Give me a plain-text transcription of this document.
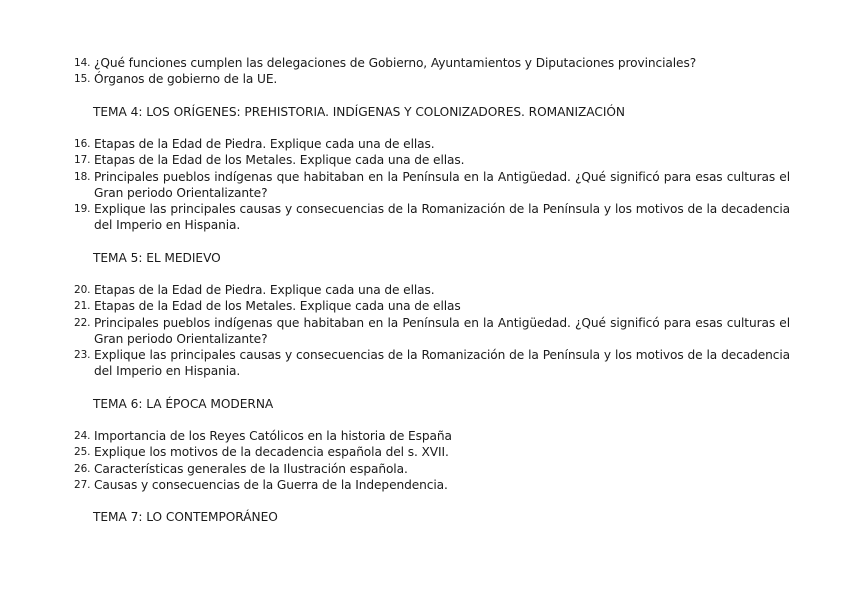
14. ¿Qué funciones cumplen las delegaciones de Gobierno, Ayuntamientos y Diputaciones provinciales?
15. Órganos de gobierno de la UE.
TEMA 4: LOS ORÍGENES: PREHISTORIA. INDÍGENAS Y COLONIZADORES. ROMANIZACIÓN
16. Etapas de la Edad de Piedra. Explique cada una de ellas.
17. Etapas de la Edad de los Metales. Explique cada una de ellas.
18. Principales pueblos indígenas que habitaban en la Península en la Antigüedad. ¿Qué significó para esas culturas el Gran periodo Orientalizante?
19. Explique las principales causas y consecuencias de la Romanización de la Península y los motivos de la decadencia del Imperio en Hispania.
TEMA 5: EL MEDIEVO
20. Etapas de la Edad de Piedra. Explique cada una de ellas.
21. Etapas de la Edad de los Metales. Explique cada una de ellas
22. Principales pueblos indígenas que habitaban en la Península en la Antigüedad. ¿Qué significó para esas culturas el Gran periodo Orientalizante?
23. Explique las principales causas y consecuencias de la Romanización de la Península y los motivos de la decadencia del Imperio en Hispania.
TEMA 6: LA ÉPOCA MODERNA
24. Importancia de los Reyes Católicos en la historia de España
25. Explique los motivos de la decadencia española del s. XVII.
26. Características generales de la Ilustración española.
27. Causas y consecuencias de la Guerra de la Independencia.
TEMA 7: LO CONTEMPORÁNEO
